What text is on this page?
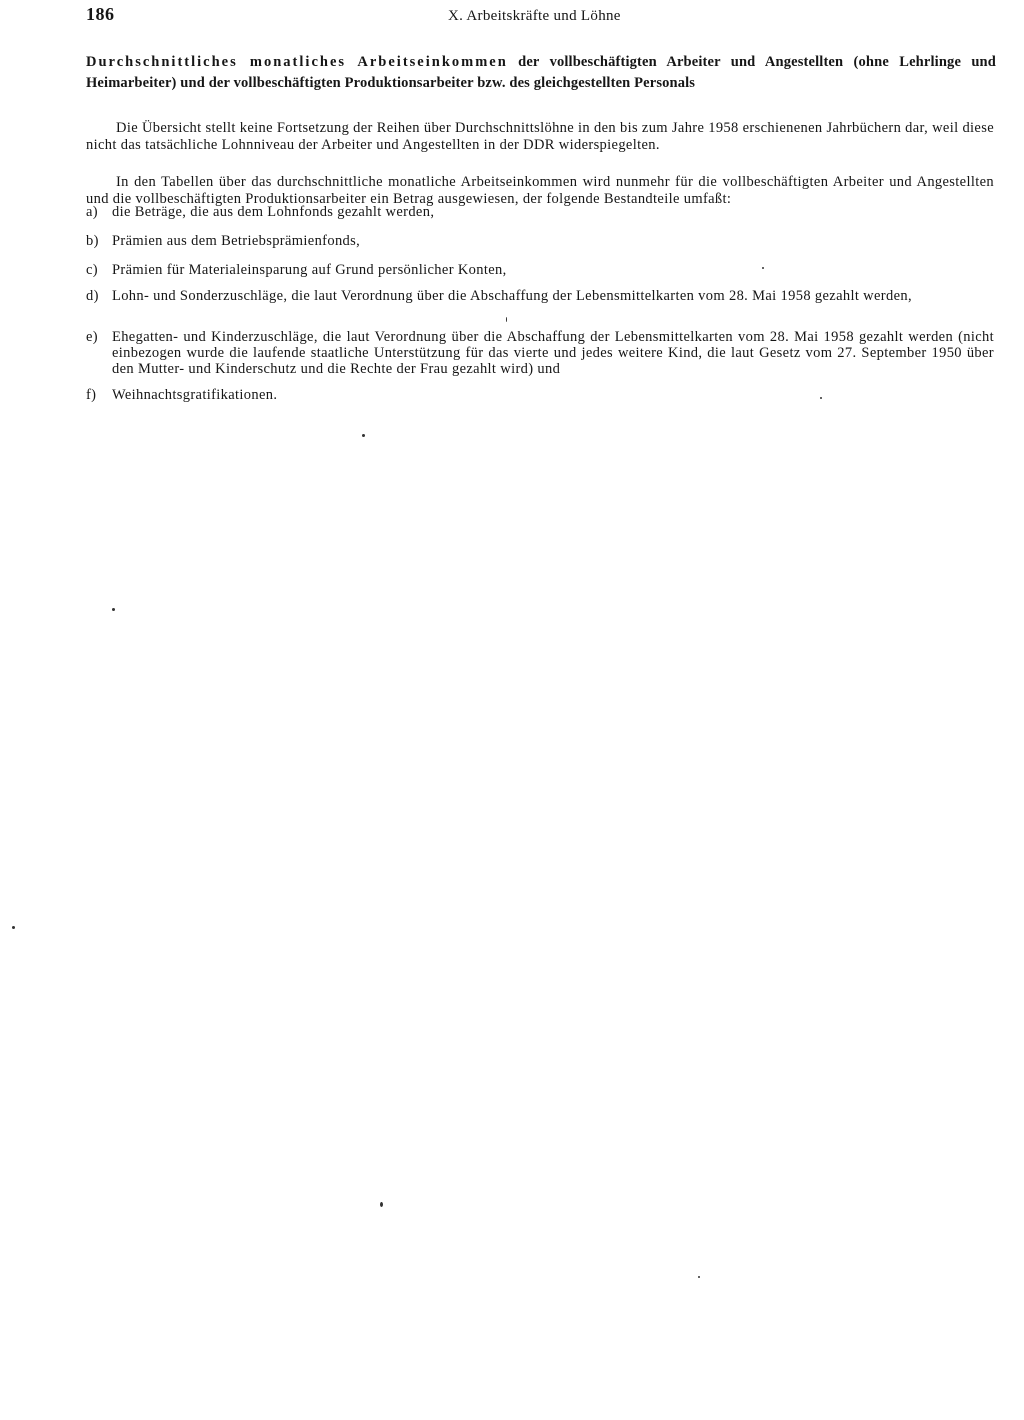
186	X. Arbeitskräfte und Löhne
Durchschnittliches monatliches Arbeitseinkommen der vollbeschäftigten Arbeiter und Angestellten (ohne Lehrlinge und Heimarbeiter) und der vollbeschäftigten Produktionsarbeiter bzw. des gleichgestellten Personals

Die Übersicht stellt keine Fortsetzung der Reihen über Durchschnittslöhne in den bis zum Jahre 1958 erschienenen Jahrbüchern dar, weil diese nicht das tatsächliche Lohnniveau der Arbeiter und Angestellten in der DDR widerspiegelten.

In den Tabellen über das durchschnittliche monatliche Arbeitseinkommen wird nunmehr für die vollbeschäftigten Arbeiter und Angestellten und die vollbeschäftigten Produktionsarbeiter ein Betrag ausgewiesen, der folgende Bestandteile umfaßt:

a) die Beträge, die aus dem Lohnfonds gezahlt werden,
b) Prämien aus dem Betriebsprämienfonds,
c) Prämien für Materialeinsparung auf Grund persönlicher Konten,
d) Lohn- und Sonderzuschläge, die laut Verordnung über die Abschaffung der Lebensmittelkarten vom 28. Mai 1958 gezahlt werden,
e) Ehegatten- und Kinderzuschläge, die laut Verordnung über die Abschaffung der Lebensmittelkarten vom 28. Mai 1958 gezahlt werden (nicht einbezogen wurde die laufende staatliche Unterstützung für das vierte und jedes weitere Kind, die laut Gesetz vom 27. September 1950 über den Mutter- und Kinderschutz und die Rechte der Frau gezahlt wird) und
f)	Weihnachtsgratifikationen.
